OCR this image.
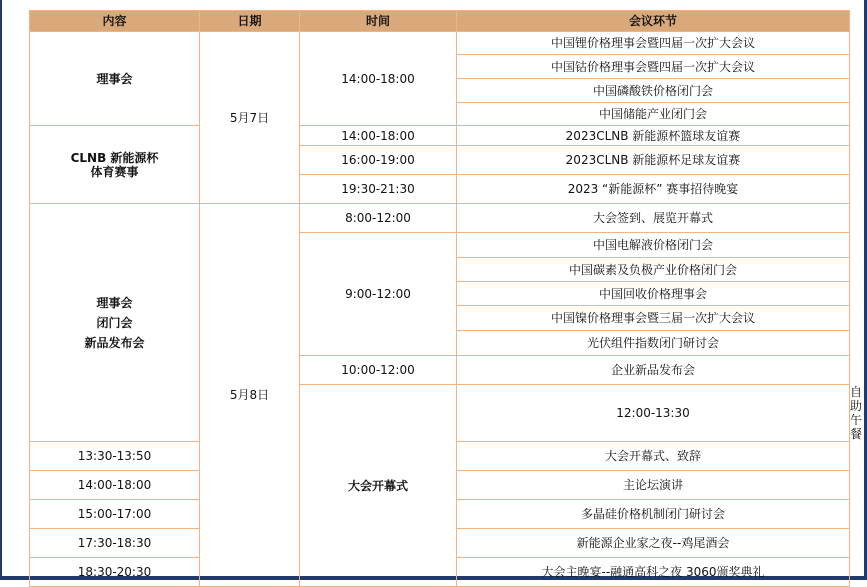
内容	日期	时间	会议环节	
理事会	5月7日	14:00-18:00	中国锂价格理事会暨四届一次扩大会议	
			中国钴价格理事会暨四届一次扩大会议	
			中国磷酸铁价格闭门会	
			中国储能产业闭门会	

CLNB 新能源杯
体育赛事		14:00-18:00	2023CLNB 新能源杯篮球友谊赛	
		16:00-19:00	2023CLNB 新能源杯足球友谊赛	
		19:30-21:30	2023 “新能源杯” 赛事招待晚宴	

理事会
闭门会
新品发布会	5月8日	8:00-12:00	大会签到、展览开幕式	
		9:00-12:00	中国电解液价格闭门会	
			中国碳素及负极产业价格闭门会	
			中国回收价格理事会	
			中国镍价格理事会暨三届一次扩大会议	
			光伏组件指数闭门研讨会	
		10:00-12:00	企业新品发布会	
		大会开幕式	12:00-13:30	自助午餐
13:30-13:50			大会开幕式、致辞	
14:00-18:00			主论坛演讲	
15:00-17:00			多晶硅价格机制闭门研讨会	
17:30-18:30			新能源企业家之夜--鸡尾酒会	
18:30-20:30			大会主晚宴--融通高科之夜 3060颁奖典礼	
